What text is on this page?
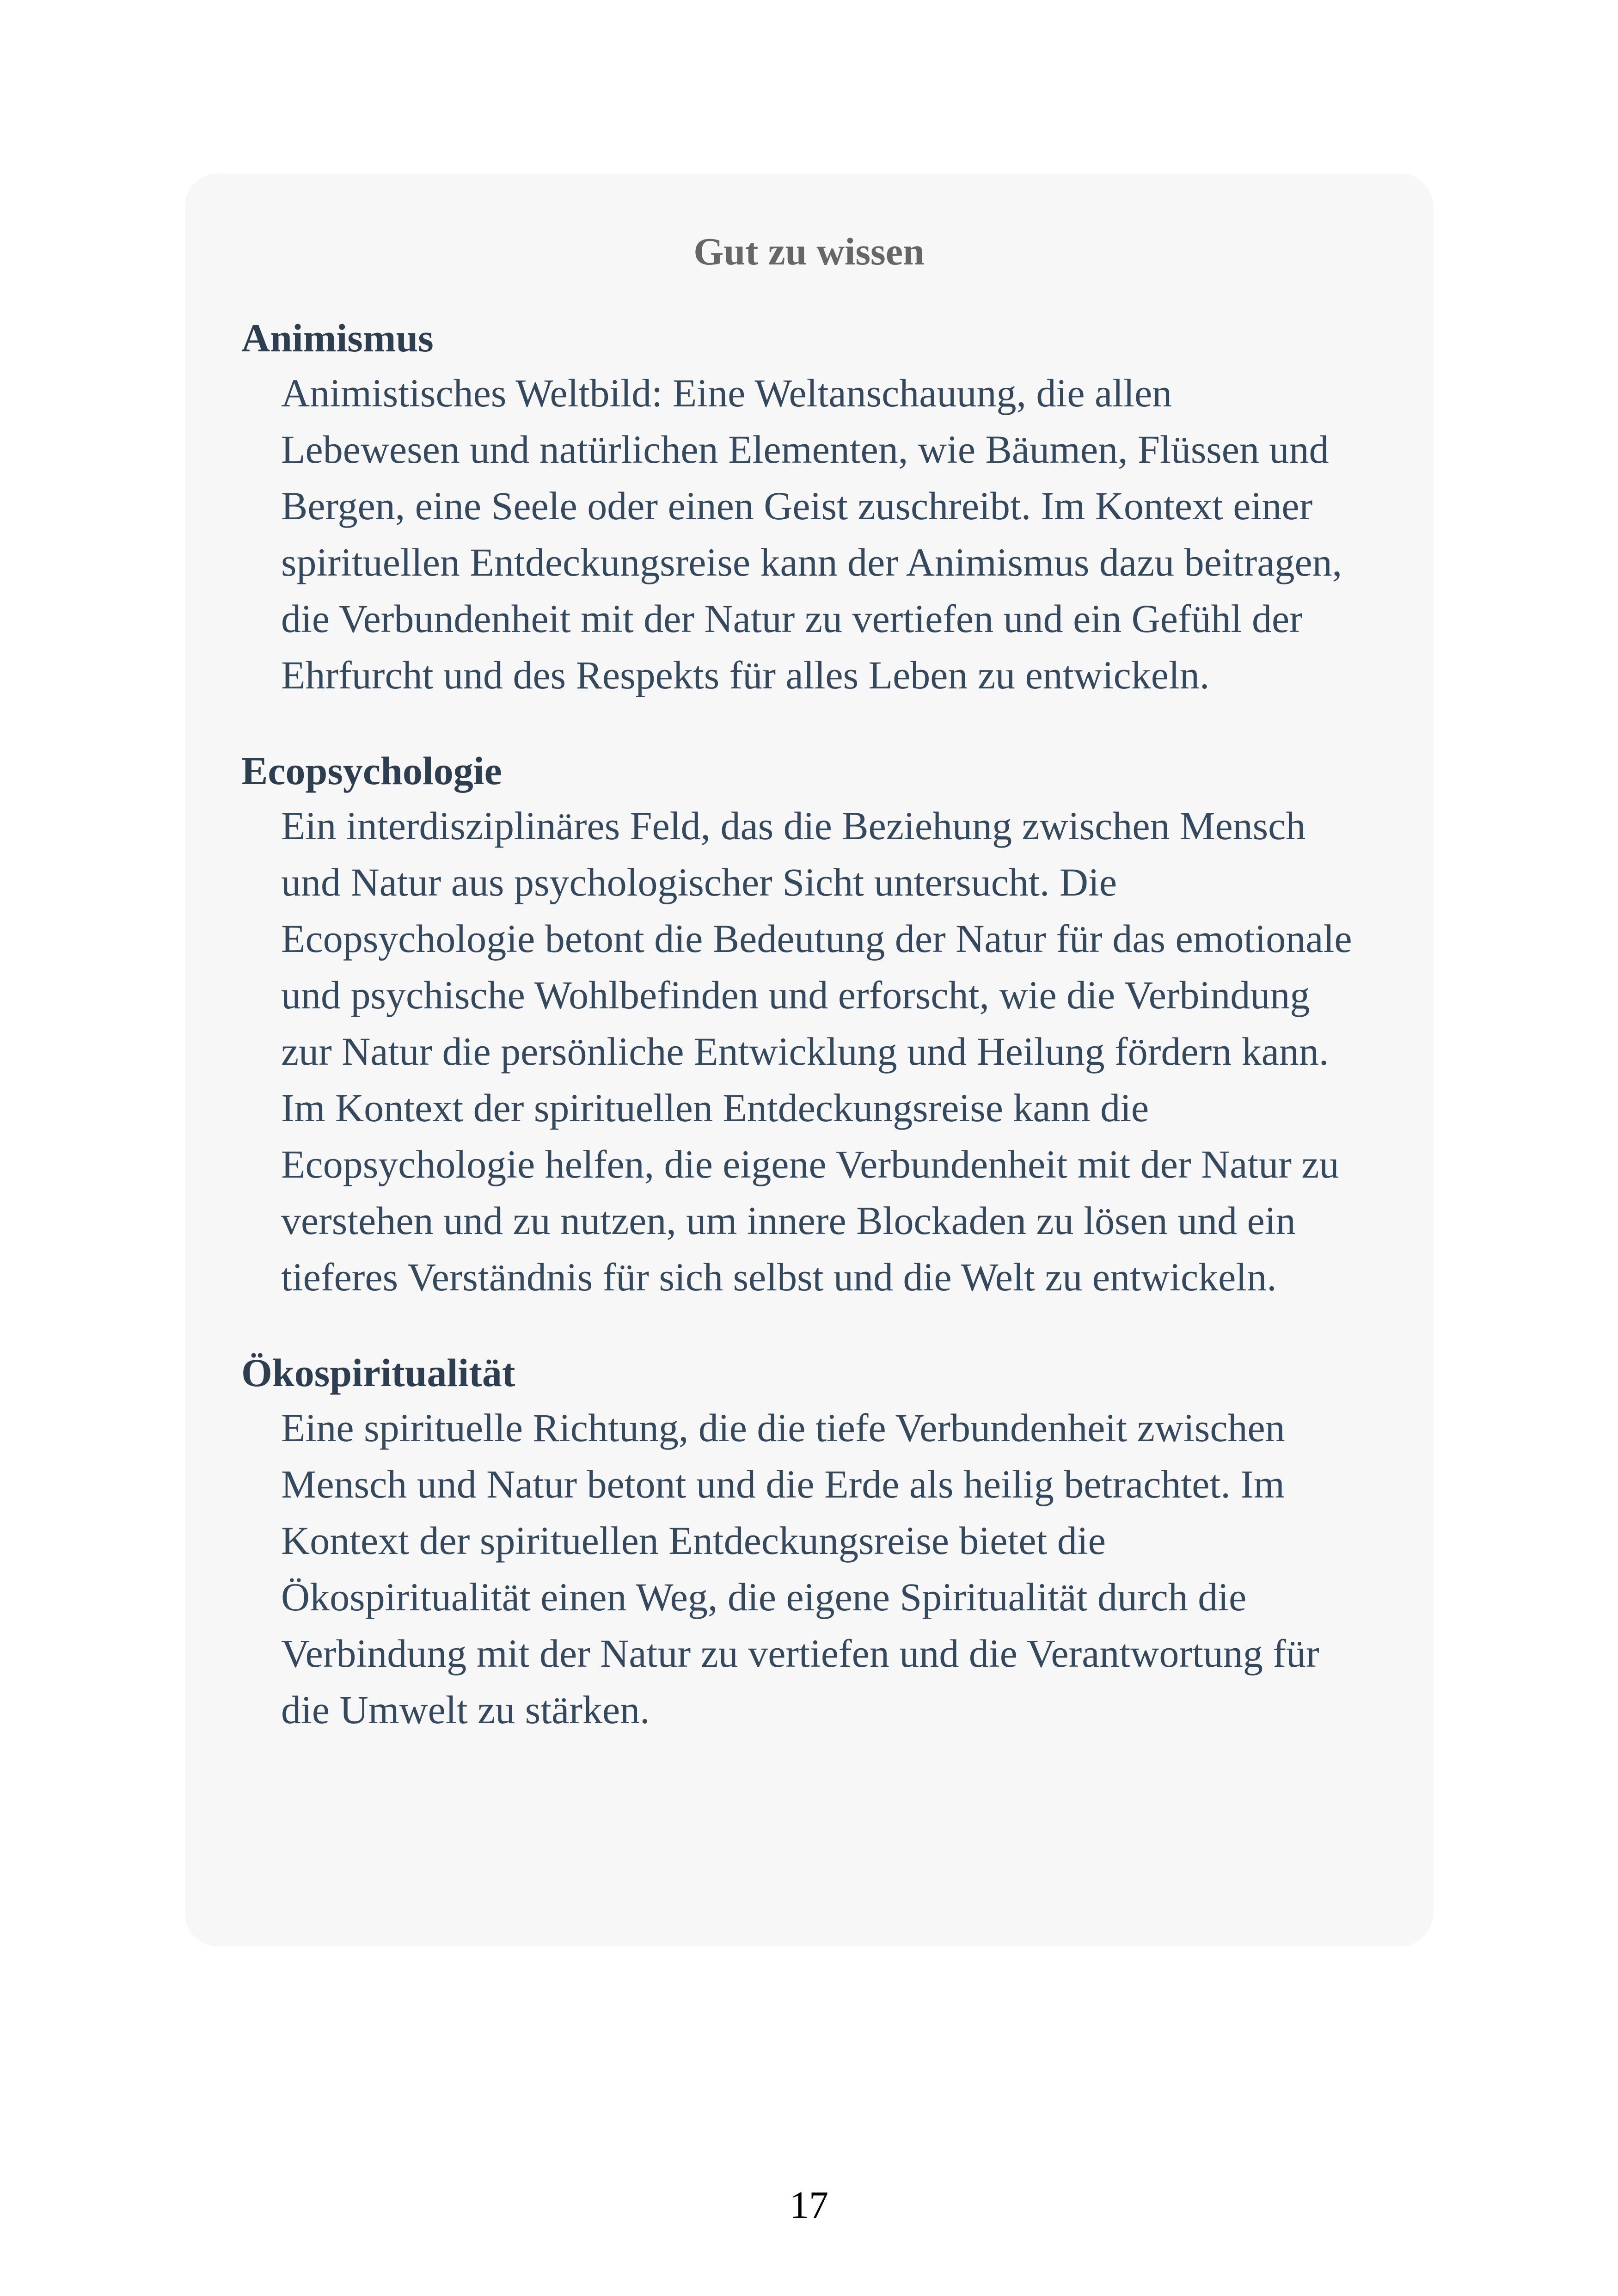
Gut zu wissen
Animismus
Animistisches Weltbild: Eine Weltanschauung, die allen Lebewesen und natürlichen Elementen, wie Bäumen, Flüssen und Bergen, eine Seele oder einen Geist zuschreibt. Im Kontext einer spirituellen Entdeckungsreise kann der Animismus dazu beitragen, die Verbundenheit mit der Natur zu vertiefen und ein Gefühl der Ehrfurcht und des Respekts für alles Leben zu entwickeln.
Ecopsychologie
Ein interdisziplinäres Feld, das die Beziehung zwischen Mensch und Natur aus psychologischer Sicht untersucht. Die Ecopsychologie betont die Bedeutung der Natur für das emotionale und psychische Wohlbefinden und erforscht, wie die Verbindung zur Natur die persönliche Entwicklung und Heilung fördern kann. Im Kontext der spirituellen Entdeckungsreise kann die Ecopsychologie helfen, die eigene Verbundenheit mit der Natur zu verstehen und zu nutzen, um innere Blockaden zu lösen und ein tieferes Verständnis für sich selbst und die Welt zu entwickeln.
Ökospiritualität
Eine spirituelle Richtung, die die tiefe Verbundenheit zwischen Mensch und Natur betont und die Erde als heilig betrachtet. Im Kontext der spirituellen Entdeckungsreise bietet die Ökospiritualität einen Weg, die eigene Spiritualität durch die Verbindung mit der Natur zu vertiefen und die Verantwortung für die Umwelt zu stärken.
17
